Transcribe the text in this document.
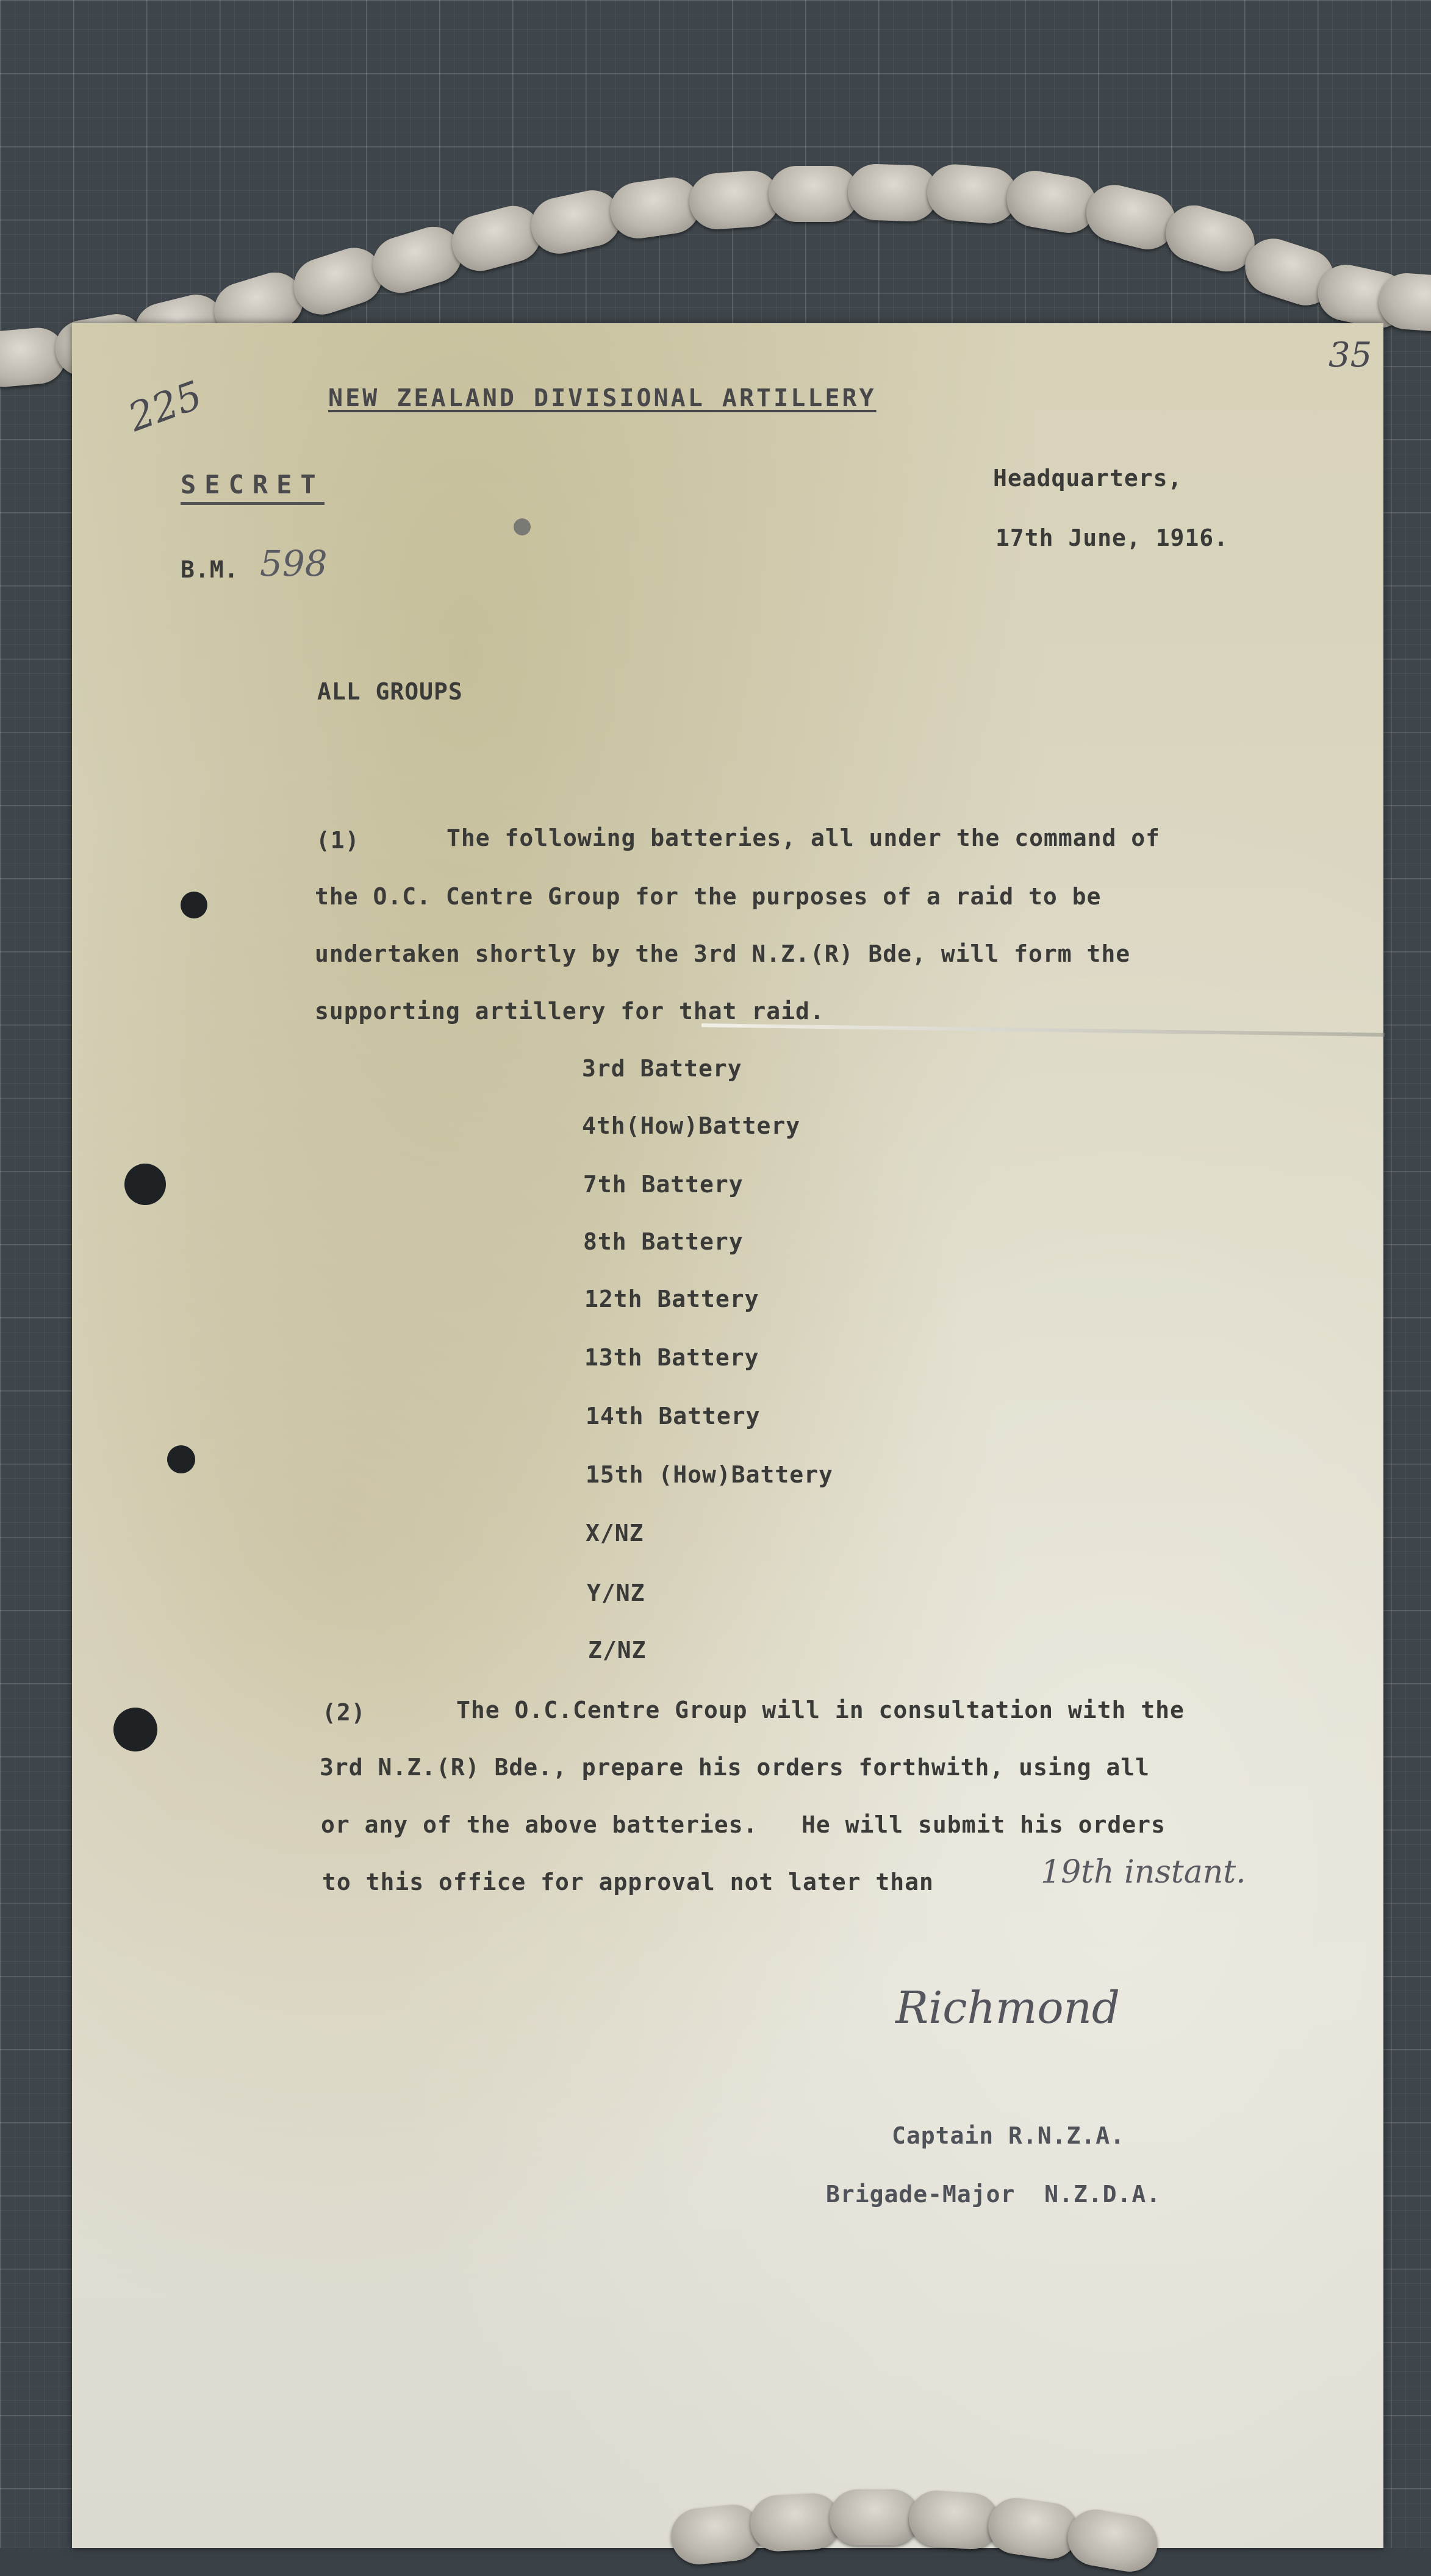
225
35
NEW ZEALAND DIVISIONAL ARTILLERY
SECRET
B.M. 598
Headquarters,
17th June, 1916.
ALL GROUPS
(1)	The following batteries, all under the command of
the O.C. Centre Group for the purposes of a raid to be
undertaken shortly by the 3rd N.Z.(R) Bde, will form the
supporting artillery for that raid.
3rd Battery
4th(How)Battery
7th Battery
8th Battery
12th Battery
13th Battery
14th Battery
15th (How)Battery
X/NZ
Y/NZ
Z/NZ
(2)	The O.C.Centre Group will in consultation with the
3rd N.Z.(R) Bde., prepare his orders forthwith, using all
or any of the above batteries.   He will submit his orders
to this office for approval not later than	19th instant.
Richmond
Captain R.N.Z.A.
Brigade-Major  N.Z.D.A.
